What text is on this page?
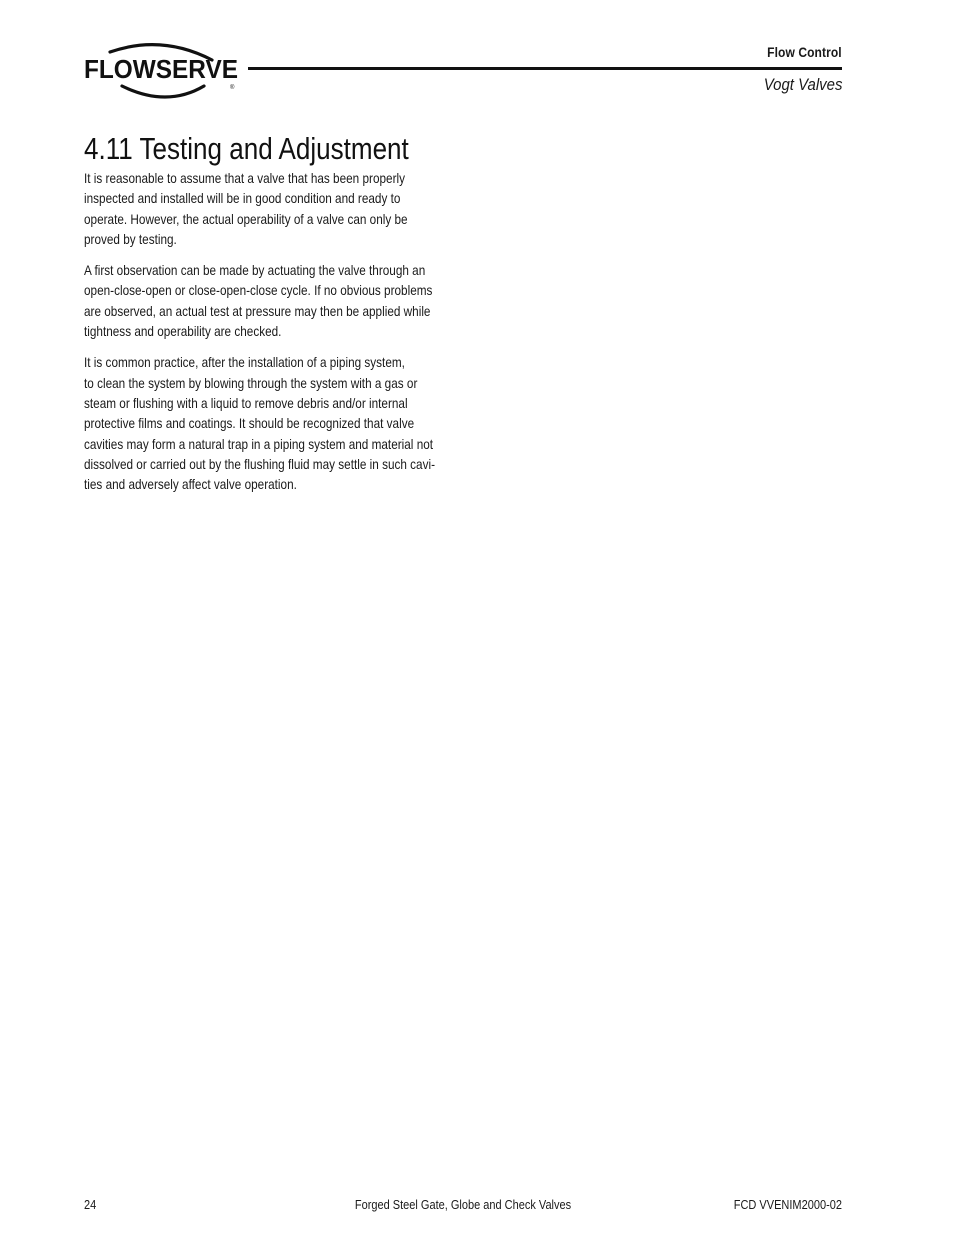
FLOWSERVE
®
Flow Control
Vogt Valves
4.11 Testing and Adjustment

It is reasonable to assume that a valve that has been properly
inspected and installed will be in good condition and ready to
operate. However, the actual operability of a valve can only be
proved by testing.

A first observation can be made by actuating the valve through an
open-close-open or close-open-close cycle. If no obvious problems
are observed, an actual test at pressure may then be applied while
tightness and operability are checked.

It is common practice, after the installation of a piping system,
to clean the system by blowing through the system with a gas or
steam or flushing with a liquid to remove debris and/or internal
protective films and coatings. It should be recognized that valve
cavities may form a natural trap in a piping system and material not
dissolved or carried out by the flushing fluid may settle in such cavi-
ties and adversely affect valve operation.

24	Forged Steel Gate, Globe and Check Valves	FCD VVENIM2000-02
